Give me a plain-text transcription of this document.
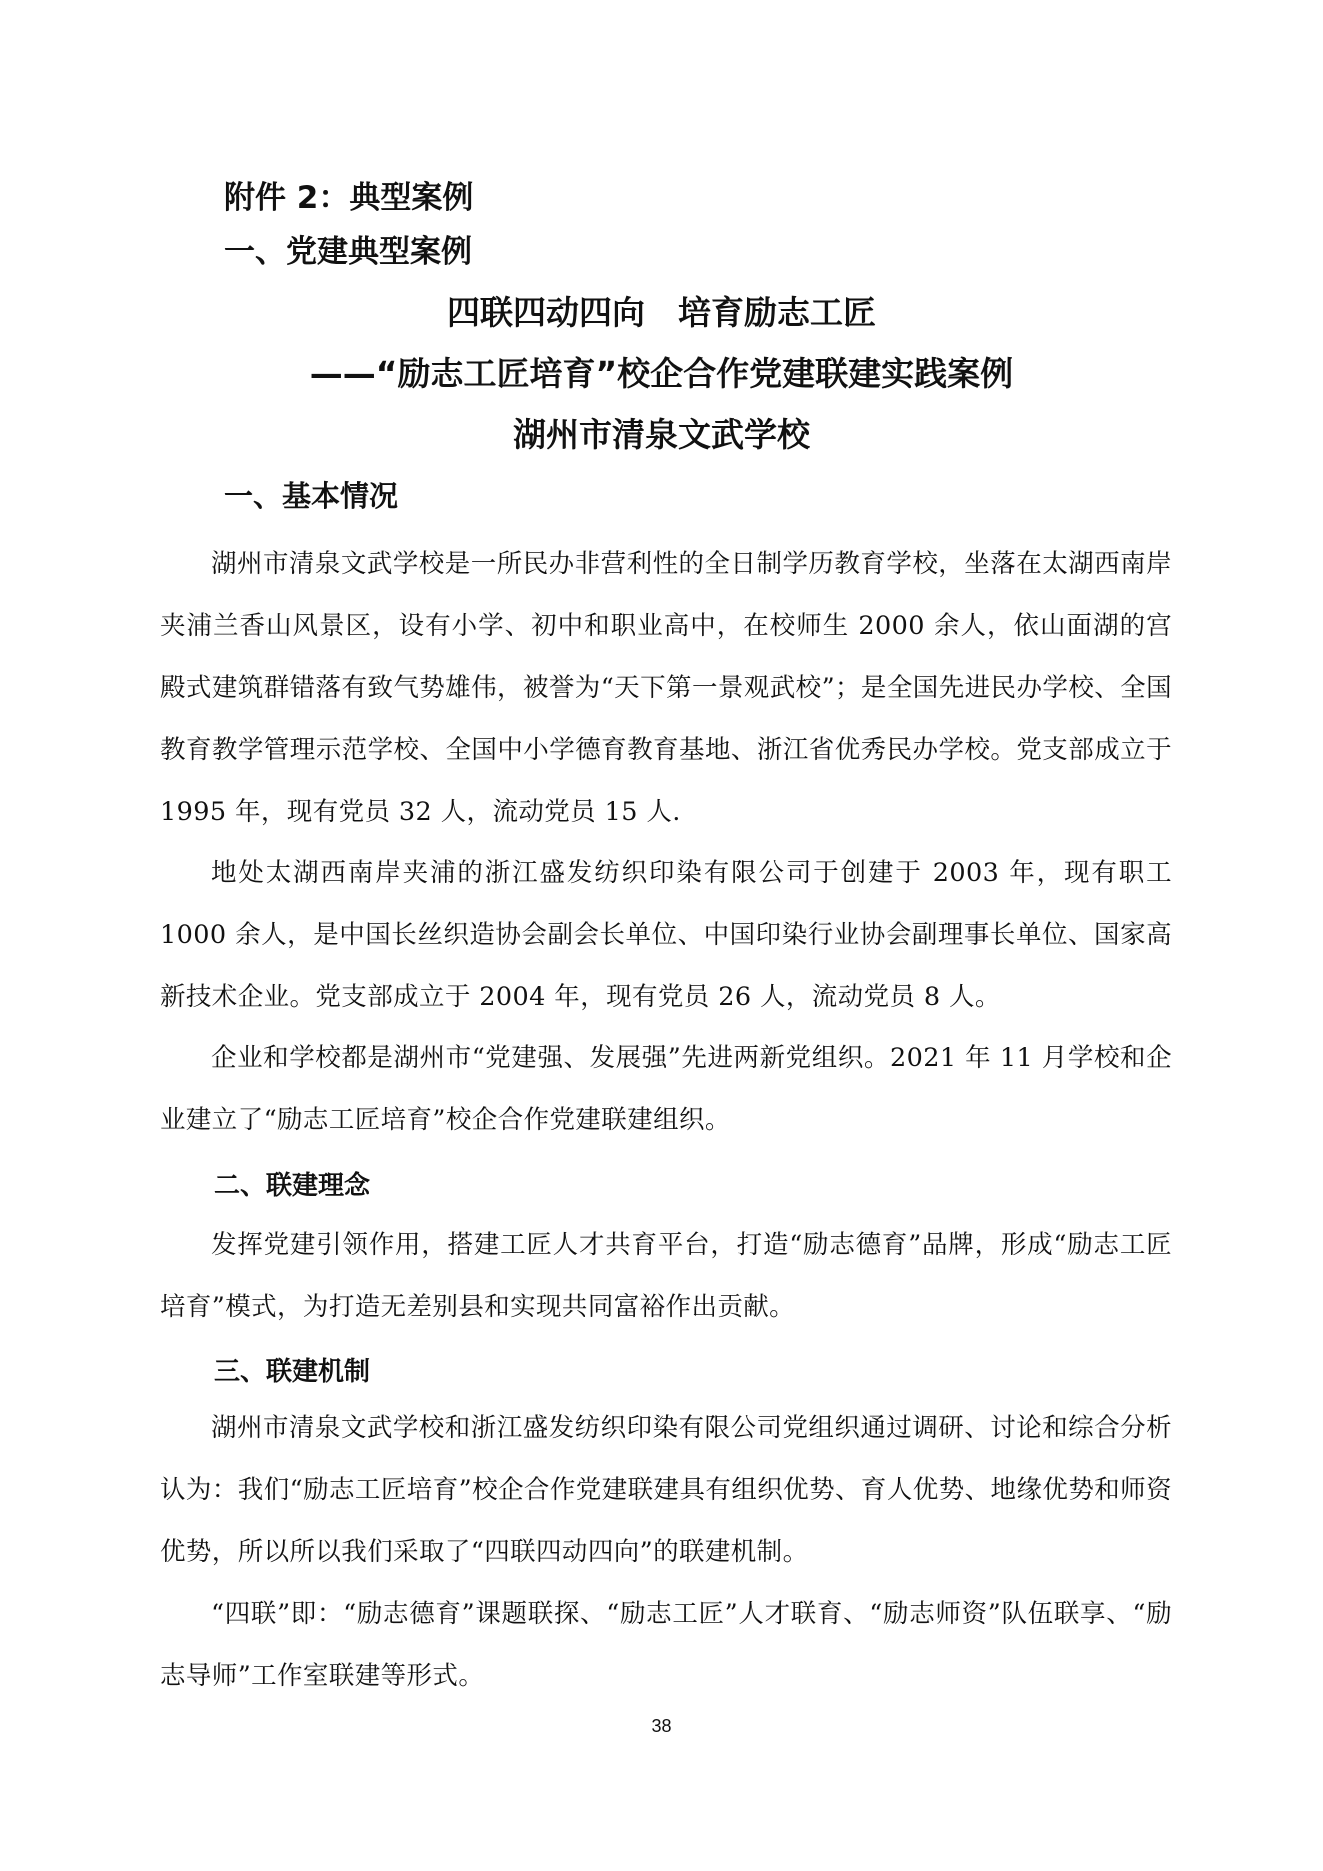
附件 2：典型案例
一、党建典型案例
四联四动四向　培育励志工匠
——“励志工匠培育”校企合作党建联建实践案例
湖州市清泉文武学校
一、基本情况
湖州市清泉文武学校是一所民办非营利性的全日制学历教育学校，坐落在太湖西南岸夹浦兰香山风景区，设有小学、初中和职业高中，在校师生 2000 余人，依山面湖的宫殿式建筑群错落有致气势雄伟，被誉为“天下第一景观武校”；是全国先进民办学校、全国教育教学管理示范学校、全国中小学德育教育基地、浙江省优秀民办学校。党支部成立于 1995 年，现有党员 32 人，流动党员 15 人.
地处太湖西南岸夹浦的浙江盛发纺织印染有限公司于创建于 2003 年，现有职工 1000 余人，是中国长丝织造协会副会长单位、中国印染行业协会副理事长单位、国家高新技术企业。党支部成立于 2004 年，现有党员 26 人，流动党员 8 人。
企业和学校都是湖州市“党建强、发展强”先进两新党组织。2021 年 11 月学校和企业建立了“励志工匠培育”校企合作党建联建组织。
二、联建理念
发挥党建引领作用，搭建工匠人才共育平台，打造“励志德育”品牌，形成“励志工匠培育”模式，为打造无差别县和实现共同富裕作出贡献。
三、联建机制
湖州市清泉文武学校和浙江盛发纺织印染有限公司党组织通过调研、讨论和综合分析认为：我们“励志工匠培育”校企合作党建联建具有组织优势、育人优势、地缘优势和师资优势，所以所以我们采取了“四联四动四向”的联建机制。
“四联”即：“励志德育”课题联探、“励志工匠”人才联育、“励志师资”队伍联享、“励志导师”工作室联建等形式。
38
